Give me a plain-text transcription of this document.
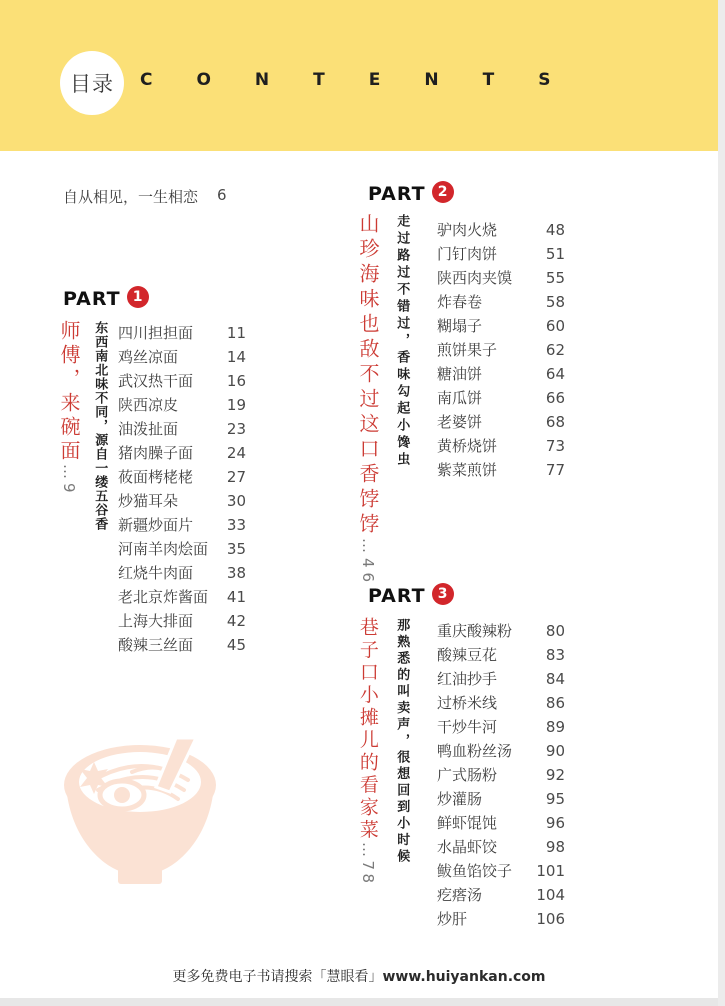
目录 CONTENTS
自从相见，一生相恋 6
PART 1
师傅，来碗面…9 东西南北味不同，源自一缕五谷香 四川担担面 11
鸡丝凉面	14
武汉热干面 16
陕西凉皮	19
油泼扯面	23
猪肉臊子面 24
莜面栲栳栳 27
炒猫耳朵	30
新疆炒面片 33
河南羊肉烩面 35
红烧牛肉面 38
老北京炸酱面 41
上海大排面 42
酸辣三丝面 45
PART 2
山珍海味也敌不过这口香饽饽…46
走过路过不错过，香味勾起小馋虫 驴肉火烧	48
门钉肉饼	51
陕西肉夹馍 55
炸春卷	58
糊塌子	60
煎饼果子	62
糖油饼	64
南瓜饼	66
老婆饼	68
黄桥烧饼	73
紫菜煎饼	77
PART 3
巷子口小摊儿的看家菜…78
那熟悉的叫卖声，很想回到小时候 重庆酸辣粉 80
酸辣豆花	83
红油抄手	84
过桥米线	86
干炒牛河	89
鸭血粉丝汤 90
广式肠粉	92
炒灌肠	95
鲜虾馄饨	96
水晶虾饺	98
鲅鱼馅饺子 101
疙瘩汤	104
炒肝	106
更多免费电子书请搜索「慧眼看」www.huiyankan.com
